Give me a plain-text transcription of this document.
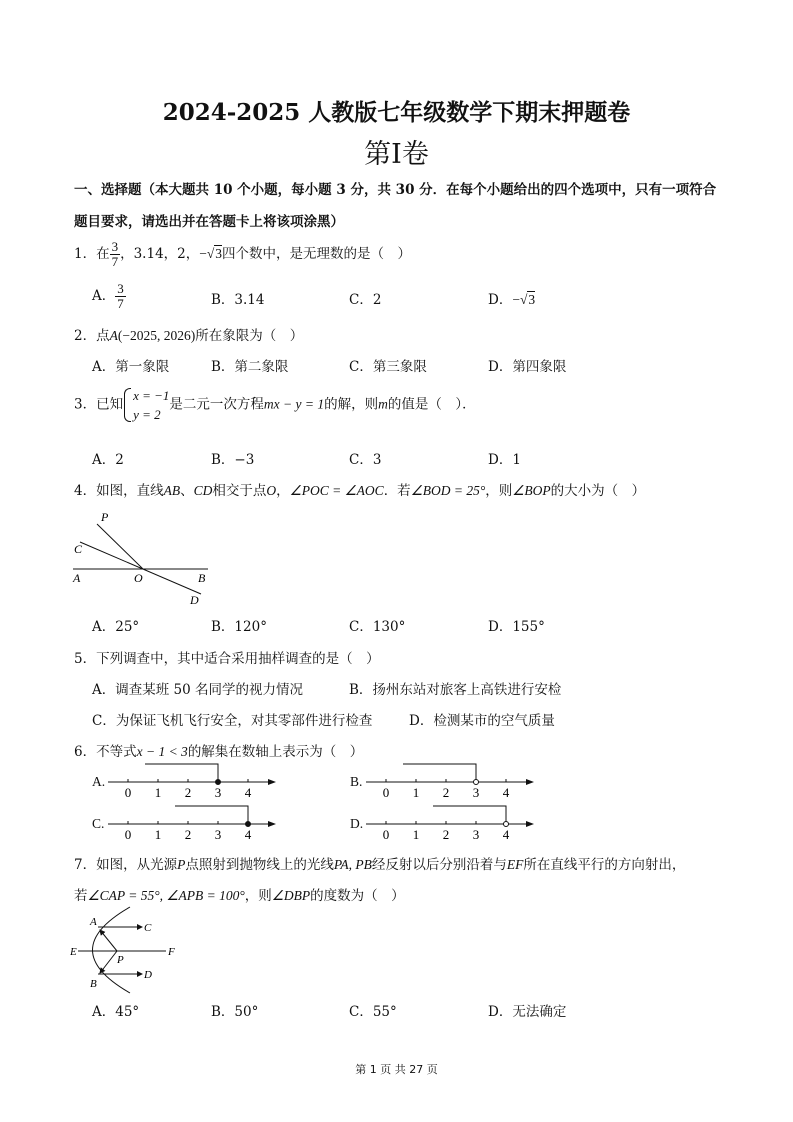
2024-2025 人教版七年级数学下期末押题卷
第I卷
一、选择题（本大题共 10 个小题，每小题 3 分，共 30 分．在每个小题给出的四个选项中，只有一项符合
题目要求，请选出并在答题卡上将该项涂黑）
1．在 $\frac{3}{7}$ ，3.14，2，−√3四个数中，是无理数的是（　）
A． $\frac{3}{7}$	B．3.14	C．2	D．−√3
2．点A(−2025, 2026)所在象限为（　）
A．第一象限	B．第二象限	C．第三象限	D．第四象限
3．已知
x = −1
y = 2
是二元一次方程mx − y = 1的解，则m的值是（　）．
A．2	B．−3	C．3	D．1
4．如图，直线AB、CD相交于点O，∠POC = ∠AOC．若∠BOD = 25°，则∠BOP的大小为（　）
P
C
A	O	B
D
A．25°	B．120°	C．130°	D．155°
5．下列调查中，其中适合采用抽样调查的是（　）
A．调查某班 50 名同学的视力情况	B．扬州东站对旅客上高铁进行安检
C．为保证飞机飞行安全，对其零部件进行检查	D．检测某市的空气质量
6．不等式x − 1 < 3的解集在数轴上表示为（　）
A.
0 1 2 3 4
B.
0 1 2 3 4
C.
0 1 2 3 4
D.
0 1 2 3 4
7．如图，从光源P点照射到抛物线上的光线PA, PB经反射以后分别沿着与EF所在直线平行的方向射出，
若∠CAP = 55°, ∠APB = 100°，则∠DBP的度数为（　）
A	C
E
P
F
B
D
A．45°	B．50°	C．55°	D．无法确定
第 1 页 共 27 页
